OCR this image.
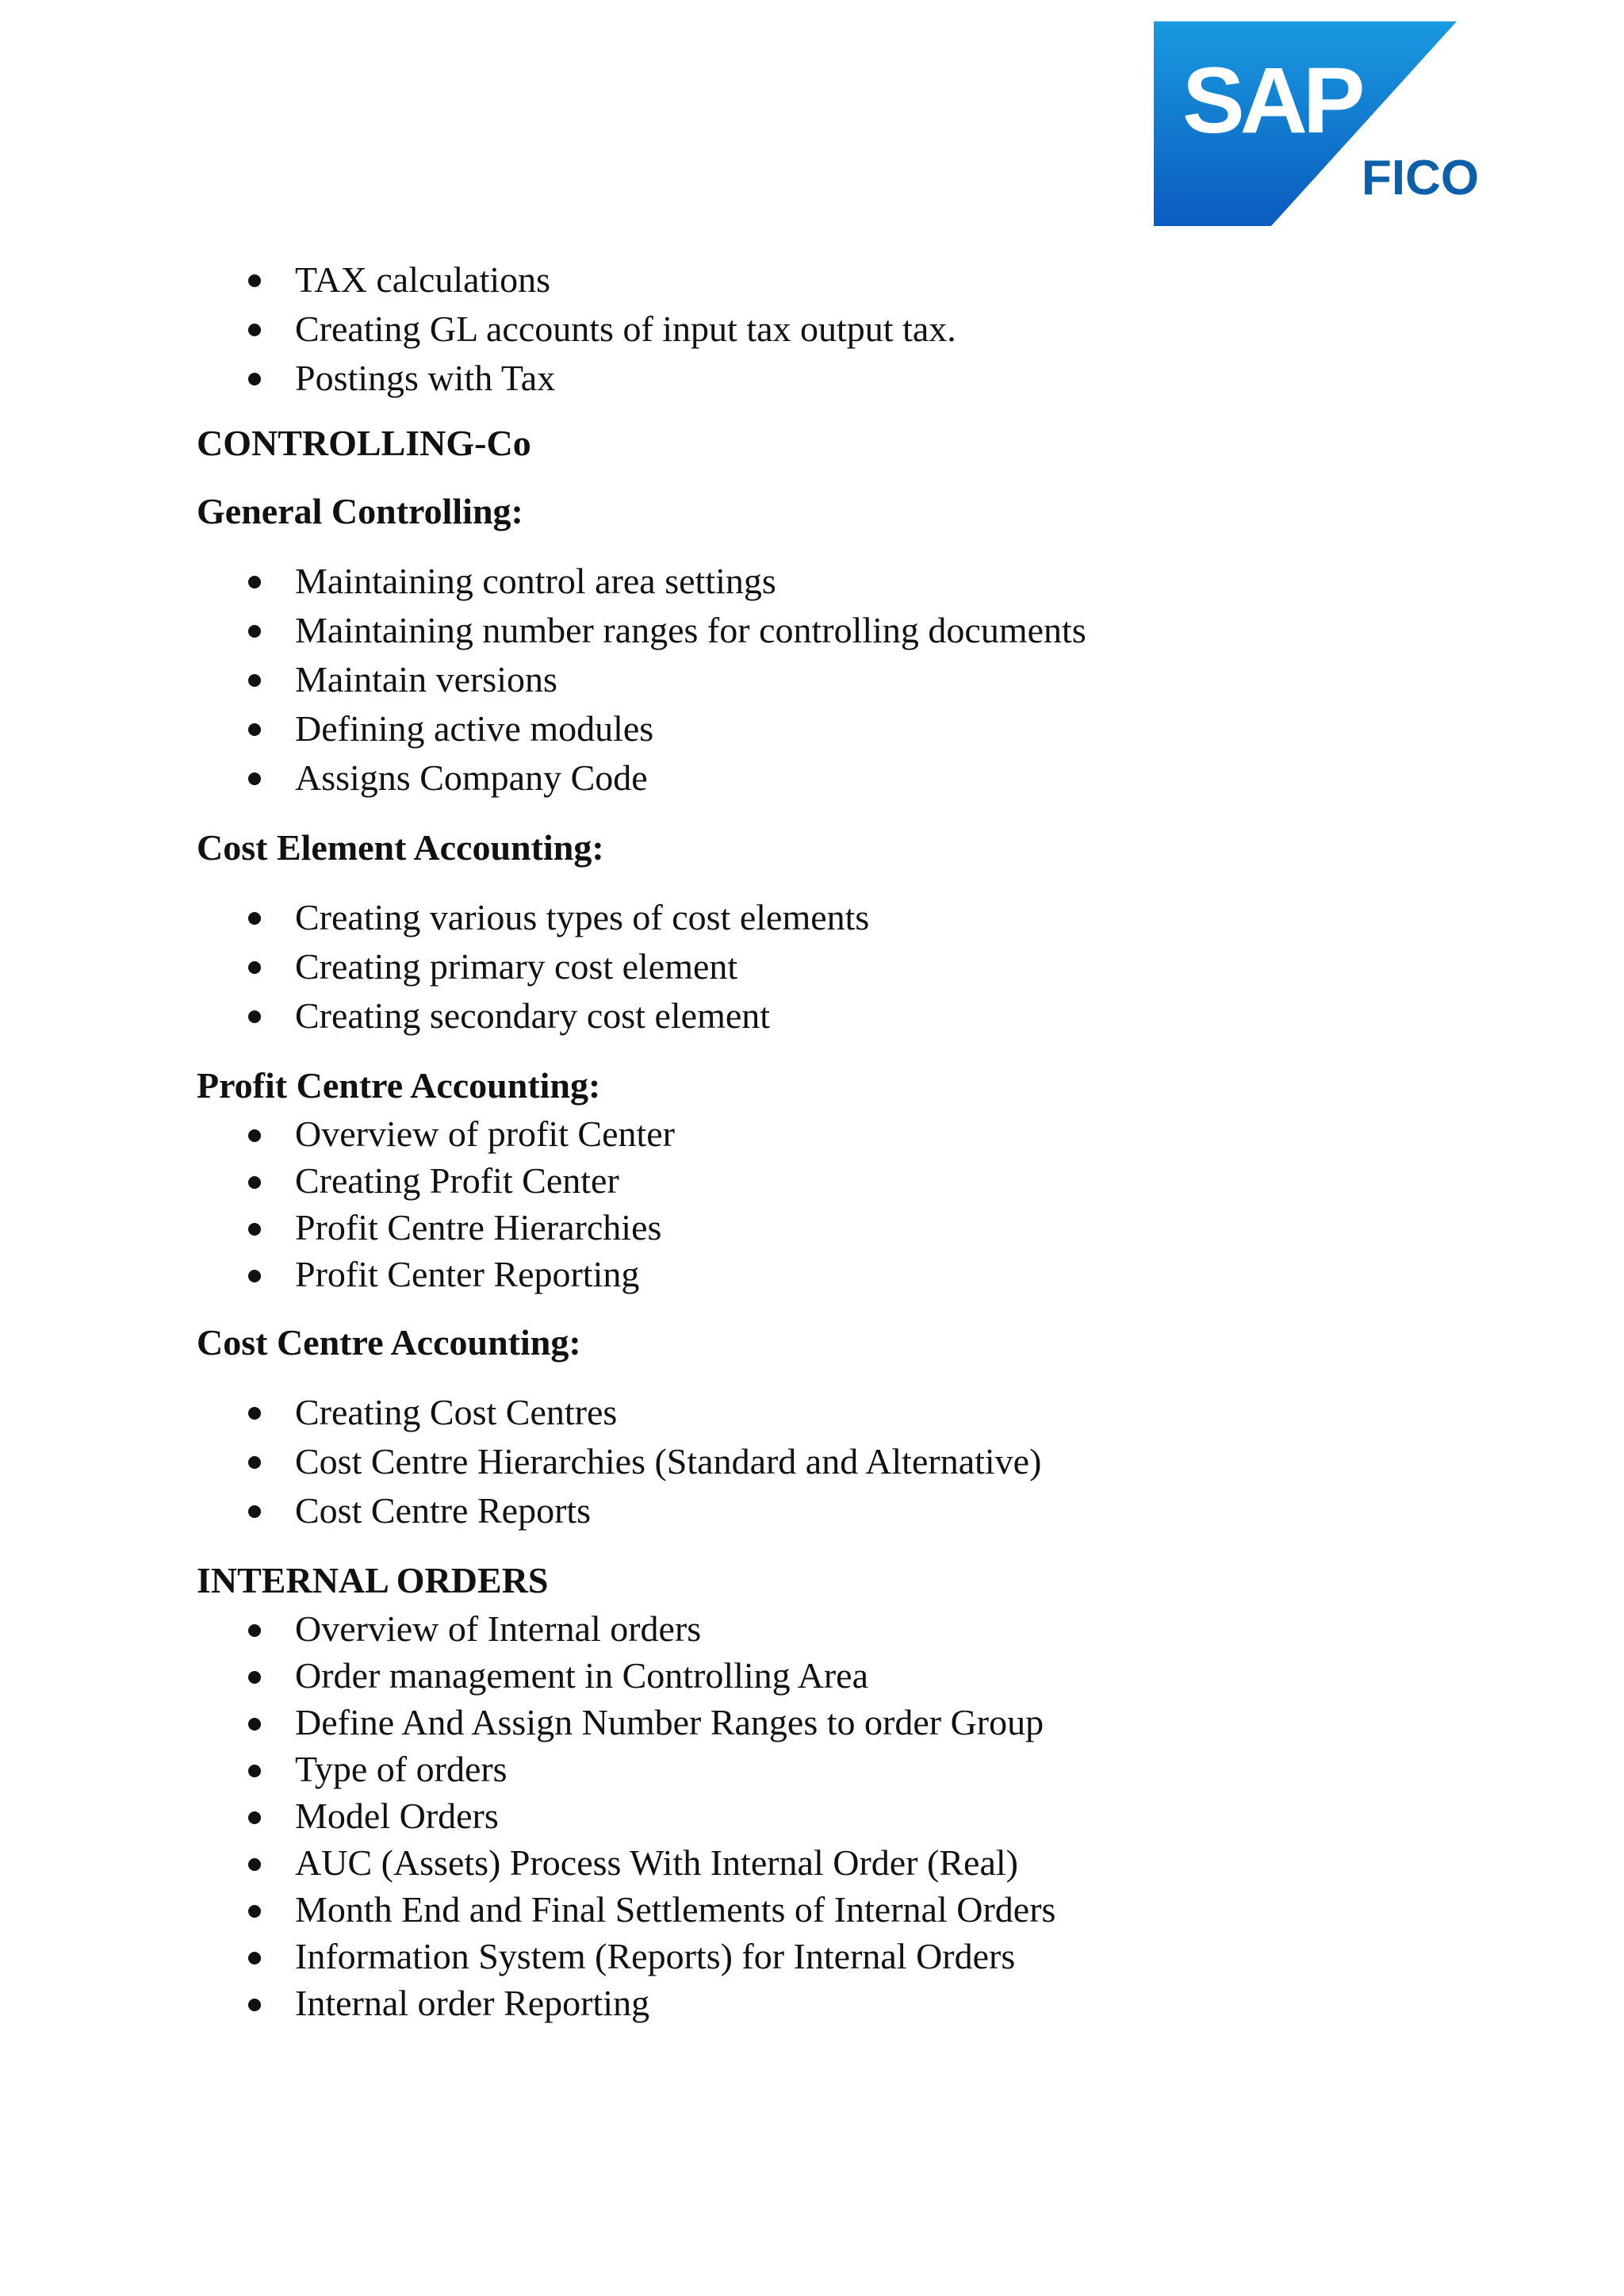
SAP
FICO
TAX calculations
Creating GL accounts of input tax output tax.
Postings with Tax
CONTROLLING-Co
General Controlling:
Maintaining control area settings
Maintaining number ranges for controlling documents
Maintain versions
Defining active modules
Assigns Company Code
Cost Element Accounting:
Creating various types of cost elements
Creating primary cost element
Creating secondary cost element
Profit Centre Accounting:
Overview of profit Center
Creating Profit Center
Profit Centre Hierarchies
Profit Center Reporting
Cost Centre Accounting:
Creating Cost Centres
Cost Centre Hierarchies (Standard and Alternative)
Cost Centre Reports
INTERNAL ORDERS
Overview of Internal orders
Order management in Controlling Area
Define And Assign Number Ranges to order Group
Type of orders
Model Orders
AUC (Assets) Process With Internal Order (Real)
Month End and Final Settlements of Internal Orders
Information System (Reports) for Internal Orders
Internal order Reporting
